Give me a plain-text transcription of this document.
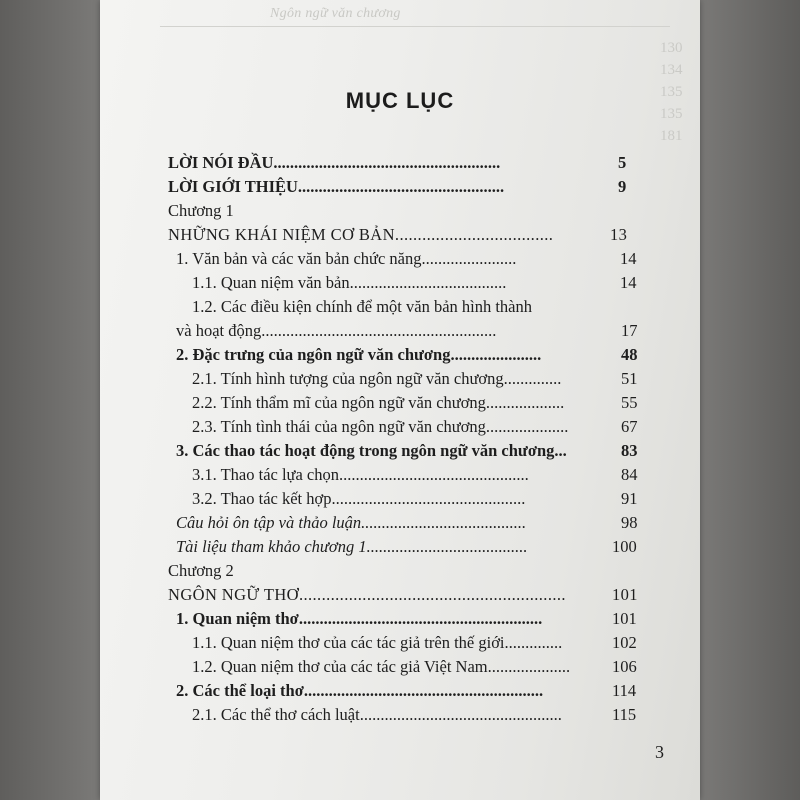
Ngôn ngữ văn chương
130
134
135
135
181
MỤC LỤC
LỜI NÓI ĐẦU.......................................................	5
LỜI GIỚI THIỆU..................................................	9
Chương 1
NHỮNG KHÁI NIỆM CƠ BẢN...................................	13
1. Văn bản và các văn bản chức năng.......................	14
1.1. Quan niệm văn bản......................................	14
1.2. Các điều kiện chính để một văn bản hình thành
và hoạt động.........................................................	17
2. Đặc trưng của ngôn ngữ văn chương......................	48
2.1. Tính hình tượng của ngôn ngữ văn chương..............	51
2.2. Tính thẩm mĩ của ngôn ngữ văn chương...................	55
2.3. Tính tình thái của ngôn ngữ văn chương....................	67
3. Các thao tác hoạt động trong ngôn ngữ văn chương...	83
3.1. Thao tác lựa chọn..............................................	84
3.2. Thao tác kết hợp...............................................	91
Câu hỏi ôn tập và thảo luận........................................	98
Tài liệu tham khảo chương 1.......................................	100
Chương 2
NGÔN NGỮ THƠ...........................................................	101
1. Quan niệm thơ...........................................................	101
1.1. Quan niệm thơ của các tác giả trên thế giới..............	102
1.2. Quan niệm thơ của các tác giả Việt Nam....................	106
2. Các thể loại thơ..........................................................	114
2.1. Các thể thơ cách luật.................................................	115
3
